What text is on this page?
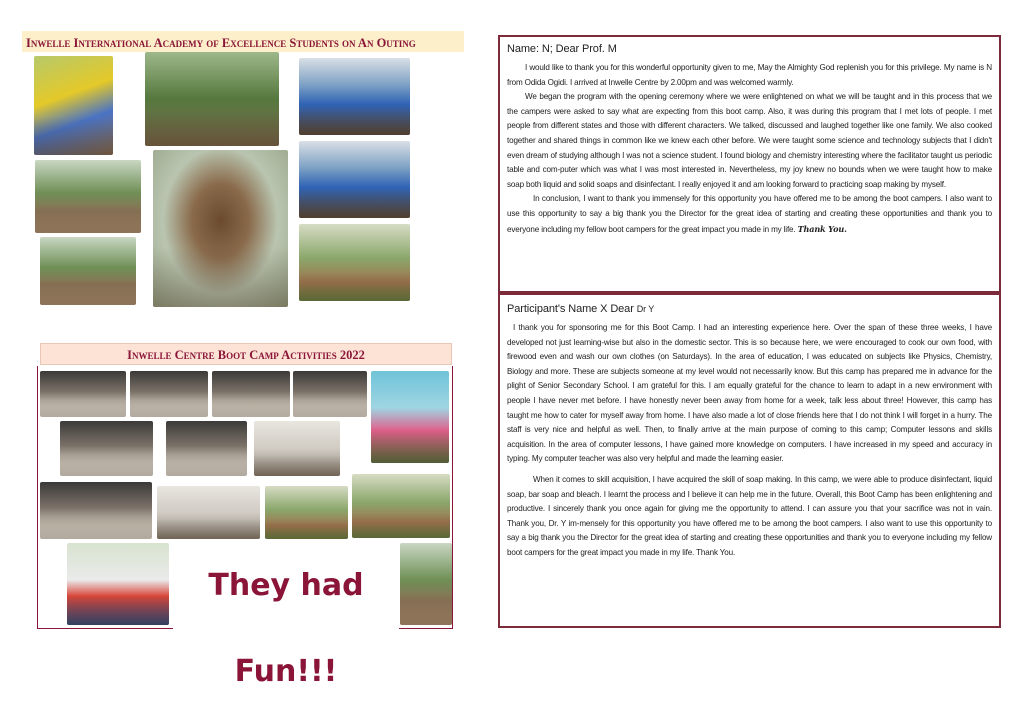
Inwelle International Academy of Excellence Students on An Outing
Inwelle Centre Boot Camp Activities 2022
They had Fun!!!
Name: N; Dear Prof. M

I would like to thank you for this wonderful opportunity given to me, May the Almighty God replenish you for this privilege. My name is N from Odida Ogidi. I arrived at Inwelle Centre by 2.00pm and was welcomed warmly.

We began the program with the opening ceremony where we were enlightened on what we will be taught and in this process that we the campers were asked to say what are expecting from this boot camp. Also, it was during this program that I met lots of people. I met people from different states and those with different characters. We talked, discussed and laughed together like one family. We also cooked together and shared things in common like we knew each other before. We were taught some science and technology subjects that I didn't even dream of studying although I was not a science student. I found biology and chemistry interesting where the facilitator taught us periodic table and com-puter which was what I was most interested in. Nevertheless, my joy knew no bounds when we were taught how to make soap both liquid and solid soaps and disinfectant. I really enjoyed it and am looking forward to practicing soap making by myself.

In conclusion, I want to thank you immensely for this opportunity you have offered me to be among the boot campers. I also want to use this opportunity to say a big thank you the Director for the great idea of starting and creating these opportunities and thank you to everyone including my fellow boot campers for the great impact you made in my life. Thank You.

Participant's Name X Dear Dr Y

I thank you for sponsoring me for this Boot Camp. I had an interesting experience here. Over the span of these three weeks, I have developed not just learning-wise but also in the domestic sector. This is so because here, we were encouraged to cook our own food, with firewood even and wash our own clothes (on Saturdays). In the area of education, I was educated on subjects like Physics, Chemistry, Biology and more. These are subjects someone at my level would not necessarily know. But this camp has prepared me in advance for the plight of Senior Secondary School. I am grateful for this. I am equally grateful for the chance to learn to adapt in a new environment with people I have never met before. I have honestly never been away from home for a week, talk less about three! However, this camp has taught me how to cater for myself away from home. I have also made a lot of close friends here that I do not think I will forget in a hurry. The staff is very nice and helpful as well. Then, to finally arrive at the main purpose of coming to this camp; Computer lessons and skills acquisition. In the area of computer lessons, I have gained more knowledge on computers. I have increased in my speed and accuracy in typing. My computer teacher was also very helpful and made the learning easier.

When it comes to skill acquisition, I have acquired the skill of soap making. In this camp, we were able to produce disinfectant, liquid soap, bar soap and bleach. I learnt the process and I believe it can help me in the future. Overall, this Boot Camp has been enlightening and productive. I sincerely thank you once again for giving me the opportunity to attend. I can assure you that your sacrifice was not in vain. Thank you, Dr. Y im-mensely for this opportunity you have offered me to be among the boot campers. I also want to use this opportunity to say a big thank you the Director for the great idea of starting and creating these opportunities and thank you to everyone including my fellow boot campers for the great impact you made in my life. Thank You.
